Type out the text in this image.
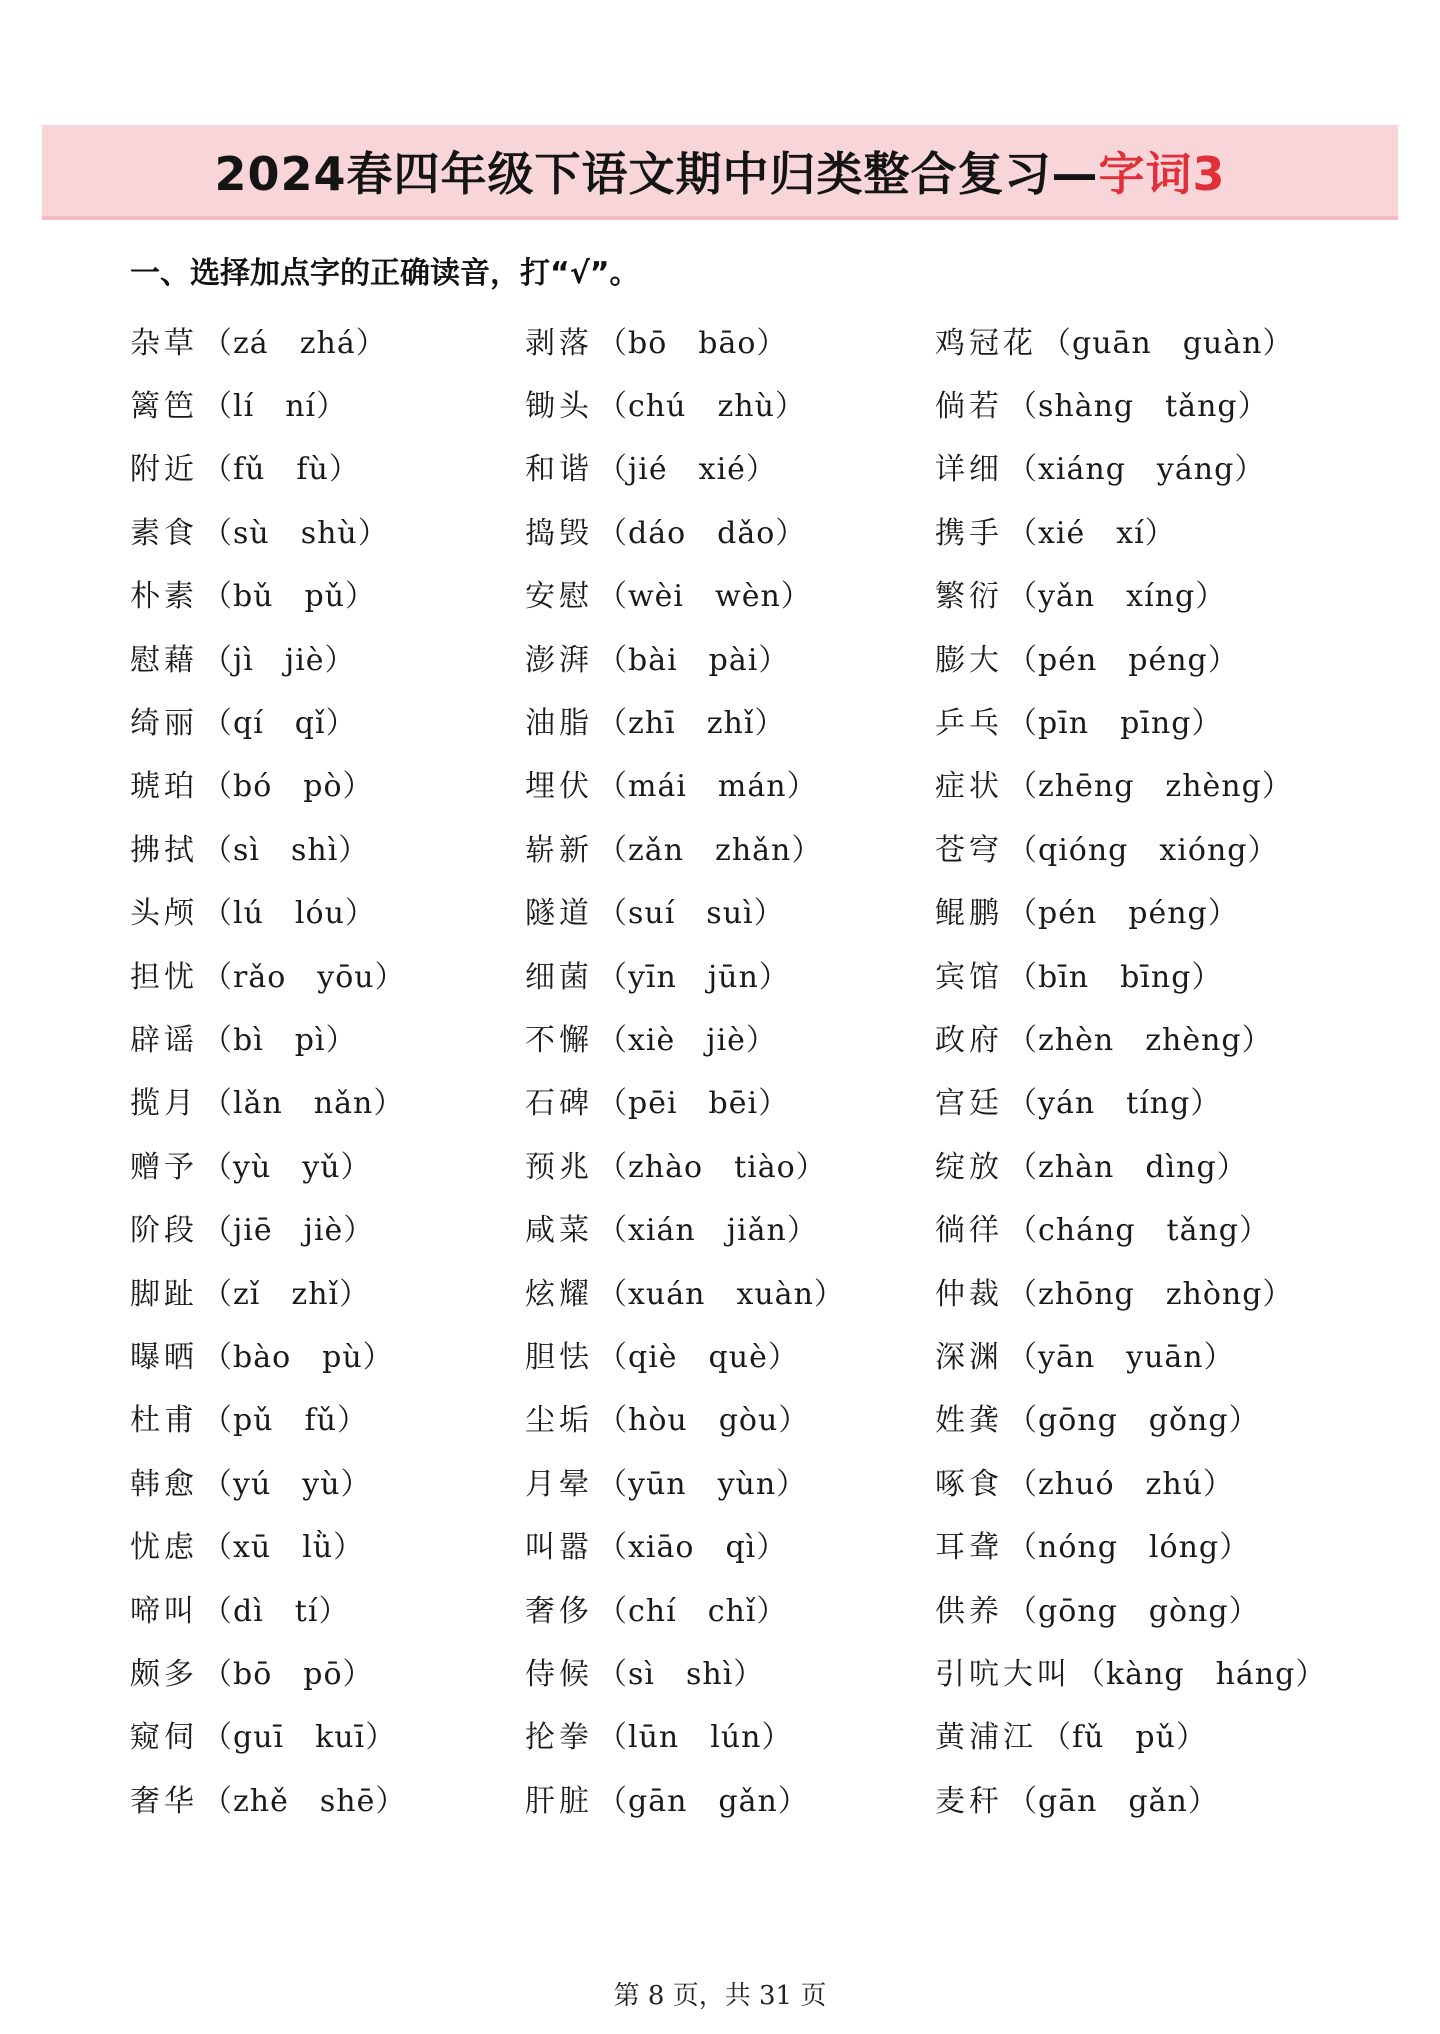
2024春四年级下语文期中归类整合复习—字词3
一、选择加点字的正确读音，打“√”。
杂草 （zá　zhá）	剥落 （bō　bāo）	鸡冠花 （guān　guàn）
篱笆 （lí　ní）	锄头 （chú　zhù）	倘若 （shàng　tǎng）
附近 （fǔ　fù）	和谐 （jié　xié）	详细 （xiáng　yáng）
素食 （sù　shù）	捣毁 （dáo　dǎo）	携手 （xié　xí）
朴素 （bǔ　pǔ）	安慰 （wèi　wèn）	繁衍 （yǎn　xíng）
慰藉 （jì　jiè）	澎湃 （bài　pài）	膨大 （pén　péng）
绮丽 （qí　qǐ）	油脂 （zhī　zhǐ）	乒乓 （pīn　pīng）
琥珀 （bó　pò）	埋伏 （mái　mán）	症状 （zhēng　zhèng）
拂拭 （sì　shì）	崭新 （zǎn　zhǎn）	苍穹 （qióng　xióng）
头颅 （lú　lóu）	隧道 （suí　suì）	鲲鹏 （pén　péng）
担忧 （rǎo　yōu）	细菌 （yīn　jūn）	宾馆 （bīn　bīng）
辟谣 （bì　pì）	不懈 （xiè　jiè）	政府 （zhèn　zhèng）
揽月 （lǎn　nǎn）	石碑 （pēi　bēi）	宫廷 （yán　tíng）
赠予 （yù　yǔ）	预兆 （zhào　tiào）	绽放 （zhàn　dìng）
阶段 （jiē　jiè）	咸菜 （xián　jiǎn）	徜徉 （cháng　tǎng）
脚趾 （zǐ　zhǐ）	炫耀 （xuán　xuàn）	仲裁 （zhōng　zhòng）
曝晒 （bào　pù）	胆怯 （qiè　què）	深渊 （yān　yuān）
杜甫 （pǔ　fǔ）	尘垢 （hòu　gòu）	姓龚 （gōng　gǒng）
韩愈 （yú　yù）	月晕 （yūn　yùn）	啄食 （zhuó　zhú）
忧虑 （xū　lǜ）	叫嚣 （xiāo　qì）	耳聋 （nóng　lóng）
啼叫 （dì　tí）	奢侈 （chí　chǐ）	供养 （gōng　gòng）
颇多 （bō　pō）	侍候 （sì　shì）	引吭大叫 （kàng　háng）
窥伺 （guī　kuī）	抡拳 （lūn　lún）	黄浦江 （fǔ　pǔ）
奢华 （zhě　shē）	肝脏 （gān　gǎn）	麦秆 （gān　gǎn）
第 8 页，共 31 页
